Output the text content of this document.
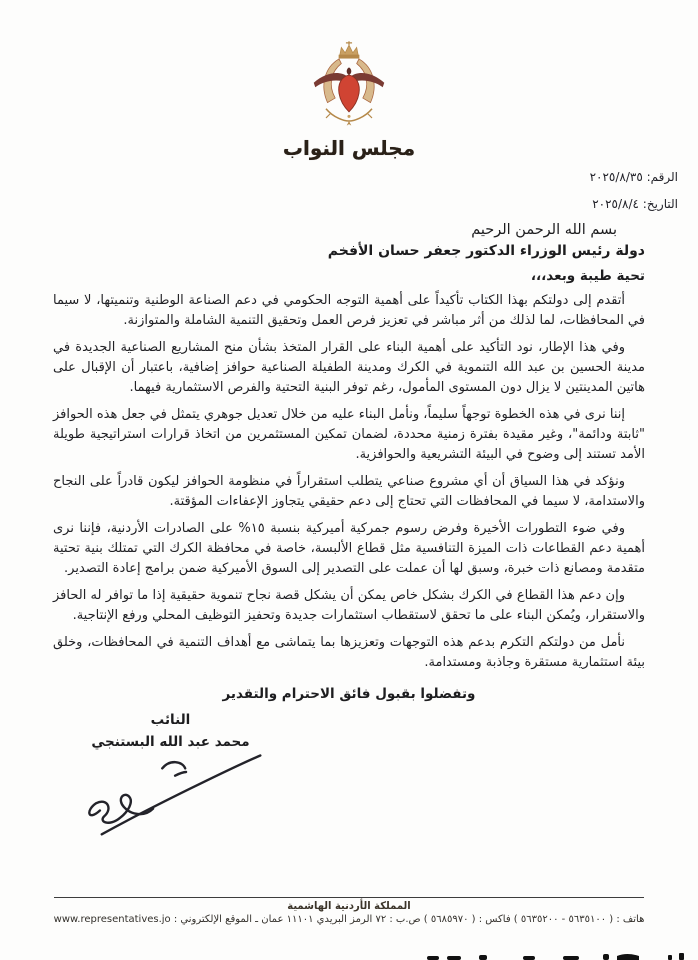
مجلس النواب
الرقم: ٢٠٢٥/٨/٣٥
التاريخ: ٢٠٢٥/٨/٤
بسم الله الرحمن الرحيم
دولة رئيس الوزراء الدكتور جعفر حسان الأفخم
تحية طيبة وبعد،،،

أتقدم إلى دولتكم بهذا الكتاب تأكيداً على أهمية التوجه الحكومي في دعم الصناعة الوطنية وتنميتها، لا سيما في المحافظات، لما لذلك من أثر مباشر في تعزيز فرص العمل وتحقيق التنمية الشاملة والمتوازنة.

وفي هذا الإطار، نود التأكيد على أهمية البناء على القرار المتخذ بشأن منح المشاريع الصناعية الجديدة في مدينة الحسين بن عبد الله التنموية في الكرك ومدينة الطفيلة الصناعية حوافز إضافية، باعتبار أن الإقبال على هاتين المدينتين لا يزال دون المستوى المأمول، رغم توفر البنية التحتية والفرص الاستثمارية فيهما.

إننا نرى في هذه الخطوة توجهاً سليماً، ونأمل البناء عليه من خلال تعديل جوهري يتمثل في جعل هذه الحوافز "ثابتة ودائمة"، وغير مقيدة بفترة زمنية محددة، لضمان تمكين المستثمرين من اتخاذ قرارات استراتيجية طويلة الأمد تستند إلى وضوح في البيئة التشريعية والحوافزية.

ونؤكد في هذا السياق أن أي مشروع صناعي يتطلب استقراراً في منظومة الحوافز ليكون قادراً على النجاح والاستدامة، لا سيما في المحافظات التي تحتاج إلى دعم حقيقي يتجاوز الإعفاءات المؤقتة.

وفي ضوء التطورات الأخيرة وفرض رسوم جمركية أميركية بنسبة ١٥% على الصادرات الأردنية، فإننا نرى أهمية دعم القطاعات ذات الميزة التنافسية مثل قطاع الألبسة، خاصة في محافظة الكرك التي تمتلك بنية تحتية متقدمة ومصانع ذات خبرة، وسبق لها أن عملت على التصدير إلى السوق الأميركية ضمن برامج إعادة التصدير.

وإن دعم هذا القطاع في الكرك بشكل خاص يمكن أن يشكل قصة نجاح تنموية حقيقية إذا ما توافر له الحافز والاستقرار، ويُمكن البناء على ما تحقق لاستقطاب استثمارات جديدة وتحفيز التوظيف المحلي ورفع الإنتاجية.

نأمل من دولتكم التكرم بدعم هذه التوجهات وتعزيزها بما يتماشى مع أهداف التنمية في المحافظات، وخلق بيئة استثمارية مستقرة وجاذبة ومستدامة.

وتفضلوا بقبول فائق الاحترام والتقدير
النائب
محمد عبد الله البستنجي
المملكة الأردنية الهاشمية
هاتف : ( ٥٦٣٥١٠٠ - ٥٦٣٥٢٠٠ ) فاكس : ( ٥٦٨٥٩٧٠ ) ص.ب : ٧٢ الرمز البريدي ١١١٠١ عمان ـ الموقع الإلكتروني : www.representatives.jo
